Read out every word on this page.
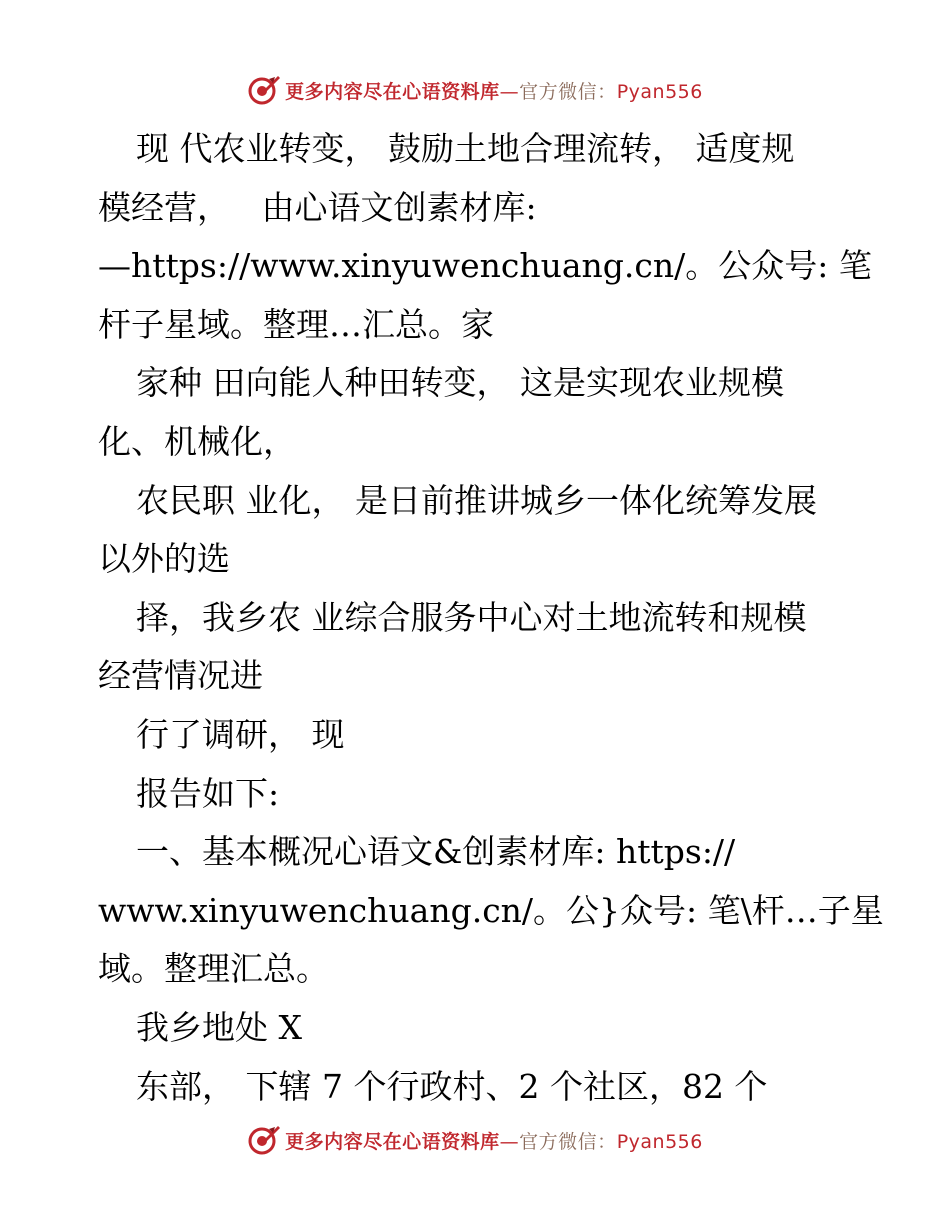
更多内容尽在心语资料库—官方微信：Pyan556
现 代农业转变， 鼓励土地合理流转， 适度规
模经营，   由心语文创素材库:
—https://www.xinyuwenchuang.cn/。公众号: 笔
杆子星域。整理…汇总。家
家种 田向能人种田转变， 这是实现农业规模
化、机械化，
农民职 业化， 是日前推讲城乡一体化统筹发展
以外的选
择，我乡农 业综合服务中心对土地流转和规模
经营情况进
行了调研， 现
报告如下:
一、基本概况心语文&创素材库: https://
www.xinyuwenchuang.cn/。公}众号: 笔\杆…子星
域。整理汇总。
我乡地处 X
东部， 下辖 7 个行政村、2 个社区，82 个
更多内容尽在心语资料库—官方微信：Pyan556
